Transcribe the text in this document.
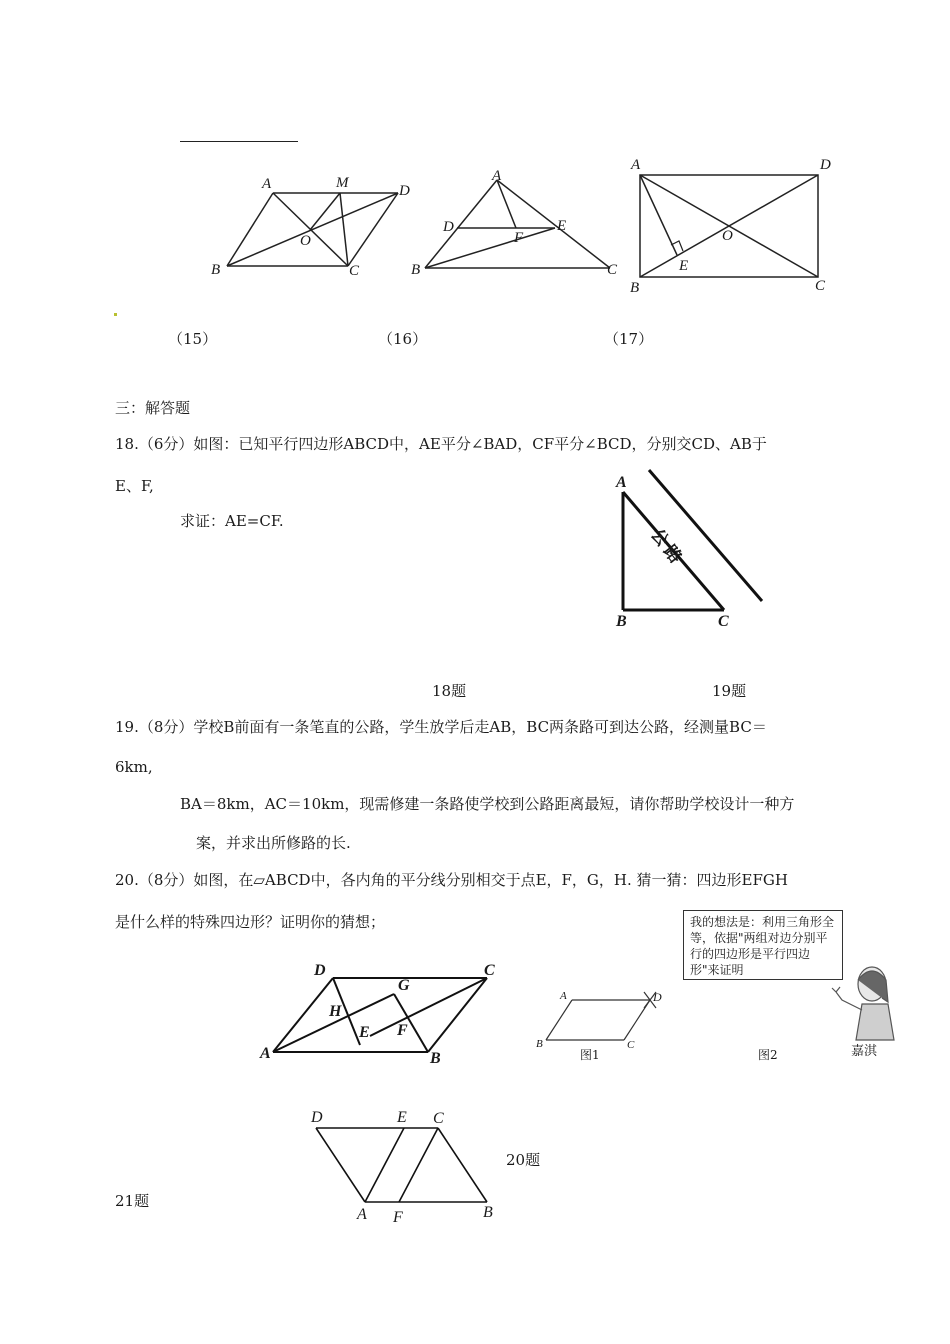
A	M	D
O
B	C
A
D	E
F
B	C
A	D
O
E
B	C
（15）	（16）	（17）
三：解答题
18.（6分）如图：已知平行四边形ABCD中，AE平分∠BAD，CF平分∠BCD，分别交CD、AB于
E、F,
求证：AE=CF.
A
B	C
公路
18题	19题
19.（8分）学校B前面有一条笔直的公路，学生放学后走AB，BC两条路可到达公路，经测量BC＝
6km,
BA＝8km，AC＝10km，现需修建一条路使学校到公路距离最短，请你帮助学校设计一种方
案，并求出所修路的长.
20.（8分）如图，在▱ABCD中，各内角的平分线分别相交于点E，F，G，H. 猜一猜：四边形EFGH
是什么样的特殊四边形？证明你的猜想；	我的想法是：利用三角形全等，依据"两组对边分别平行的四边形是平行四边形"来证明
嘉淇
D	C
G
H
E F
A	B
A	D
B	C
图1	图2
D	E C
A F	B
20题
21题
